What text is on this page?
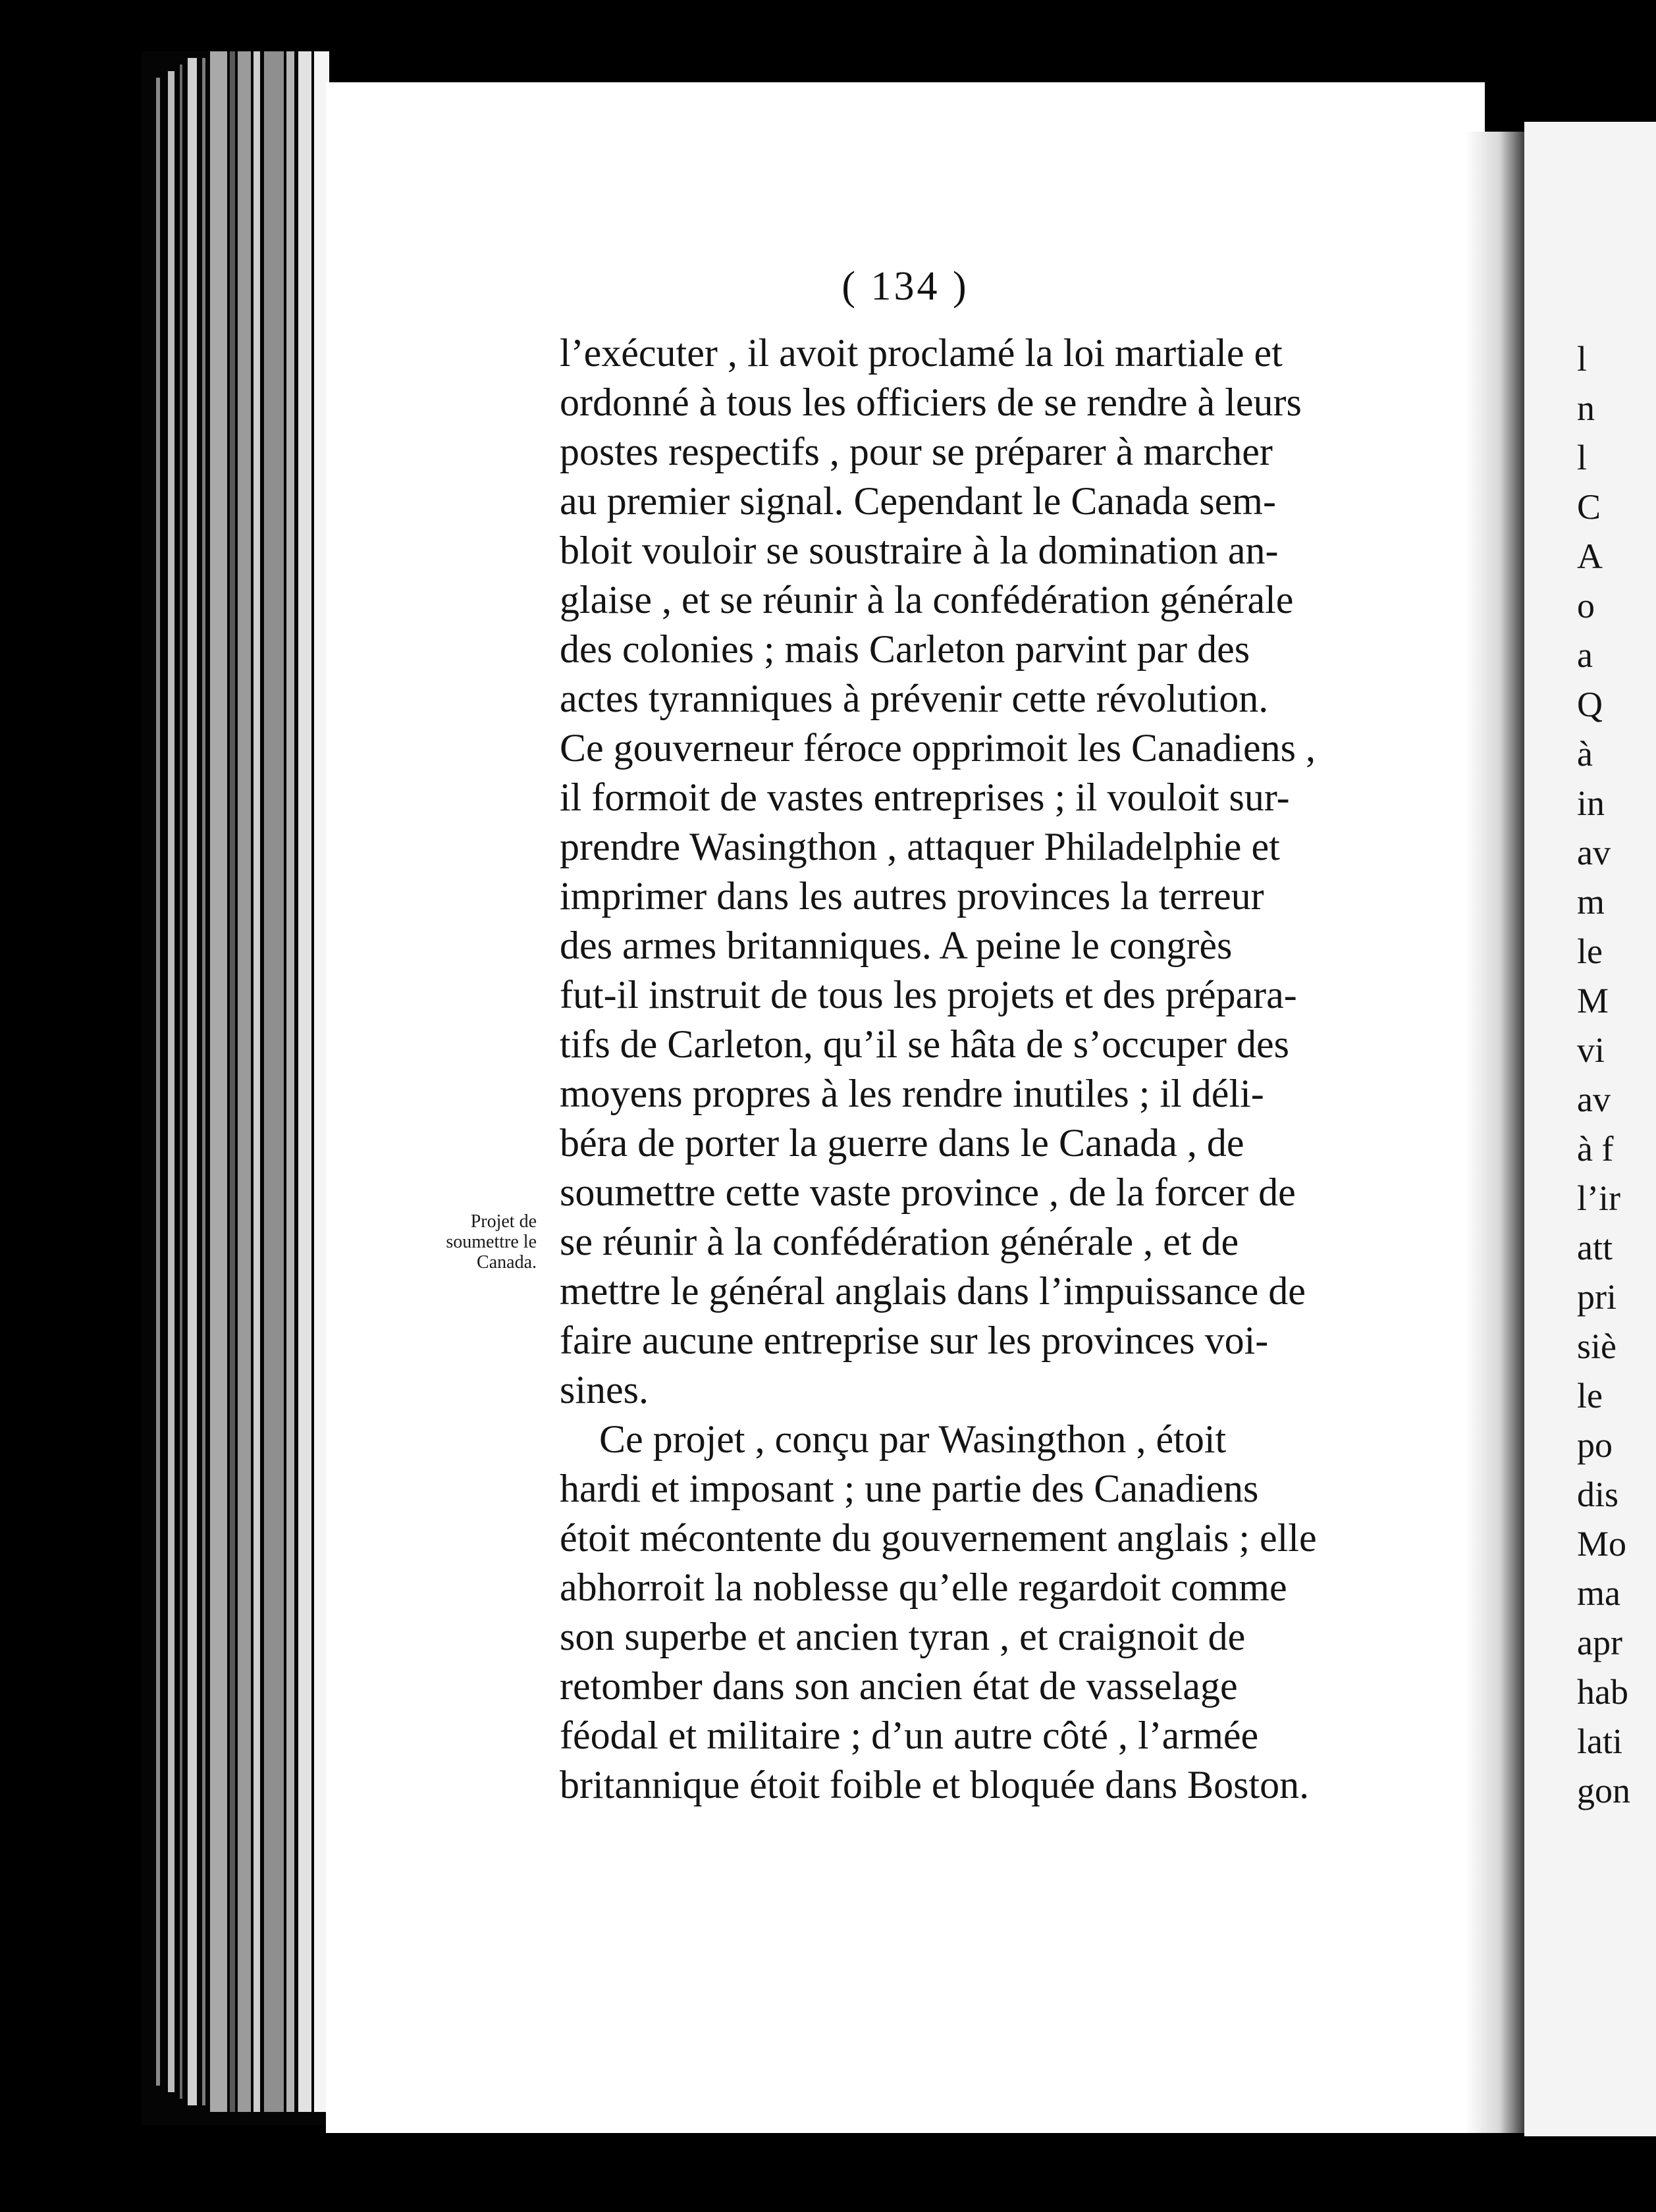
( 134 )

Projet de

soumettre le

Canada.

l’exécuter , il avoit proclamé la loi martiale et

ordonné à tous les officiers de se rendre à leurs

postes respectifs , pour se préparer à marcher

au premier signal. Cependant le Canada sem-

bloit vouloir se soustraire à la domination an-

glaise , et se réunir à la confédération générale

des colonies ; mais Carleton parvint par des

actes tyranniques à prévenir cette révolution.

Ce gouverneur féroce opprimoit les Canadiens ,

il formoit de vastes entreprises ; il vouloit sur-

prendre Wasingthon , attaquer Philadelphie et

imprimer dans les autres provinces la terreur

des armes britanniques. A peine le congrès

fut-il instruit de tous les projets et des prépara-

tifs de Carleton, qu’il se hâta de s’occuper des

moyens propres à les rendre inutiles ; il déli-

béra de porter la guerre dans le Canada , de

soumettre cette vaste province , de la forcer de

se réunir à la confédération générale , et de

mettre le général anglais dans l’impuissance de

faire aucune entreprise sur les provinces voi-

sines.

Ce projet , conçu par Wasingthon , étoit

hardi et imposant ; une partie des Canadiens

étoit mécontente du gouvernement anglais ; elle

abhorroit la noblesse qu’elle regardoit comme

son superbe et ancien tyran , et craignoit de

retomber dans son ancien état de vasselage

féodal et militaire ; d’un autre côté , l’armée

britannique étoit foible et bloquée dans Boston.

l

n

l

C

A

o

a

Q

à

in

av

m

le

M

vi

av

à f

l’ir

att

pri

siè

le

po

dis

Mo

ma

apr

hab

lati

gon
